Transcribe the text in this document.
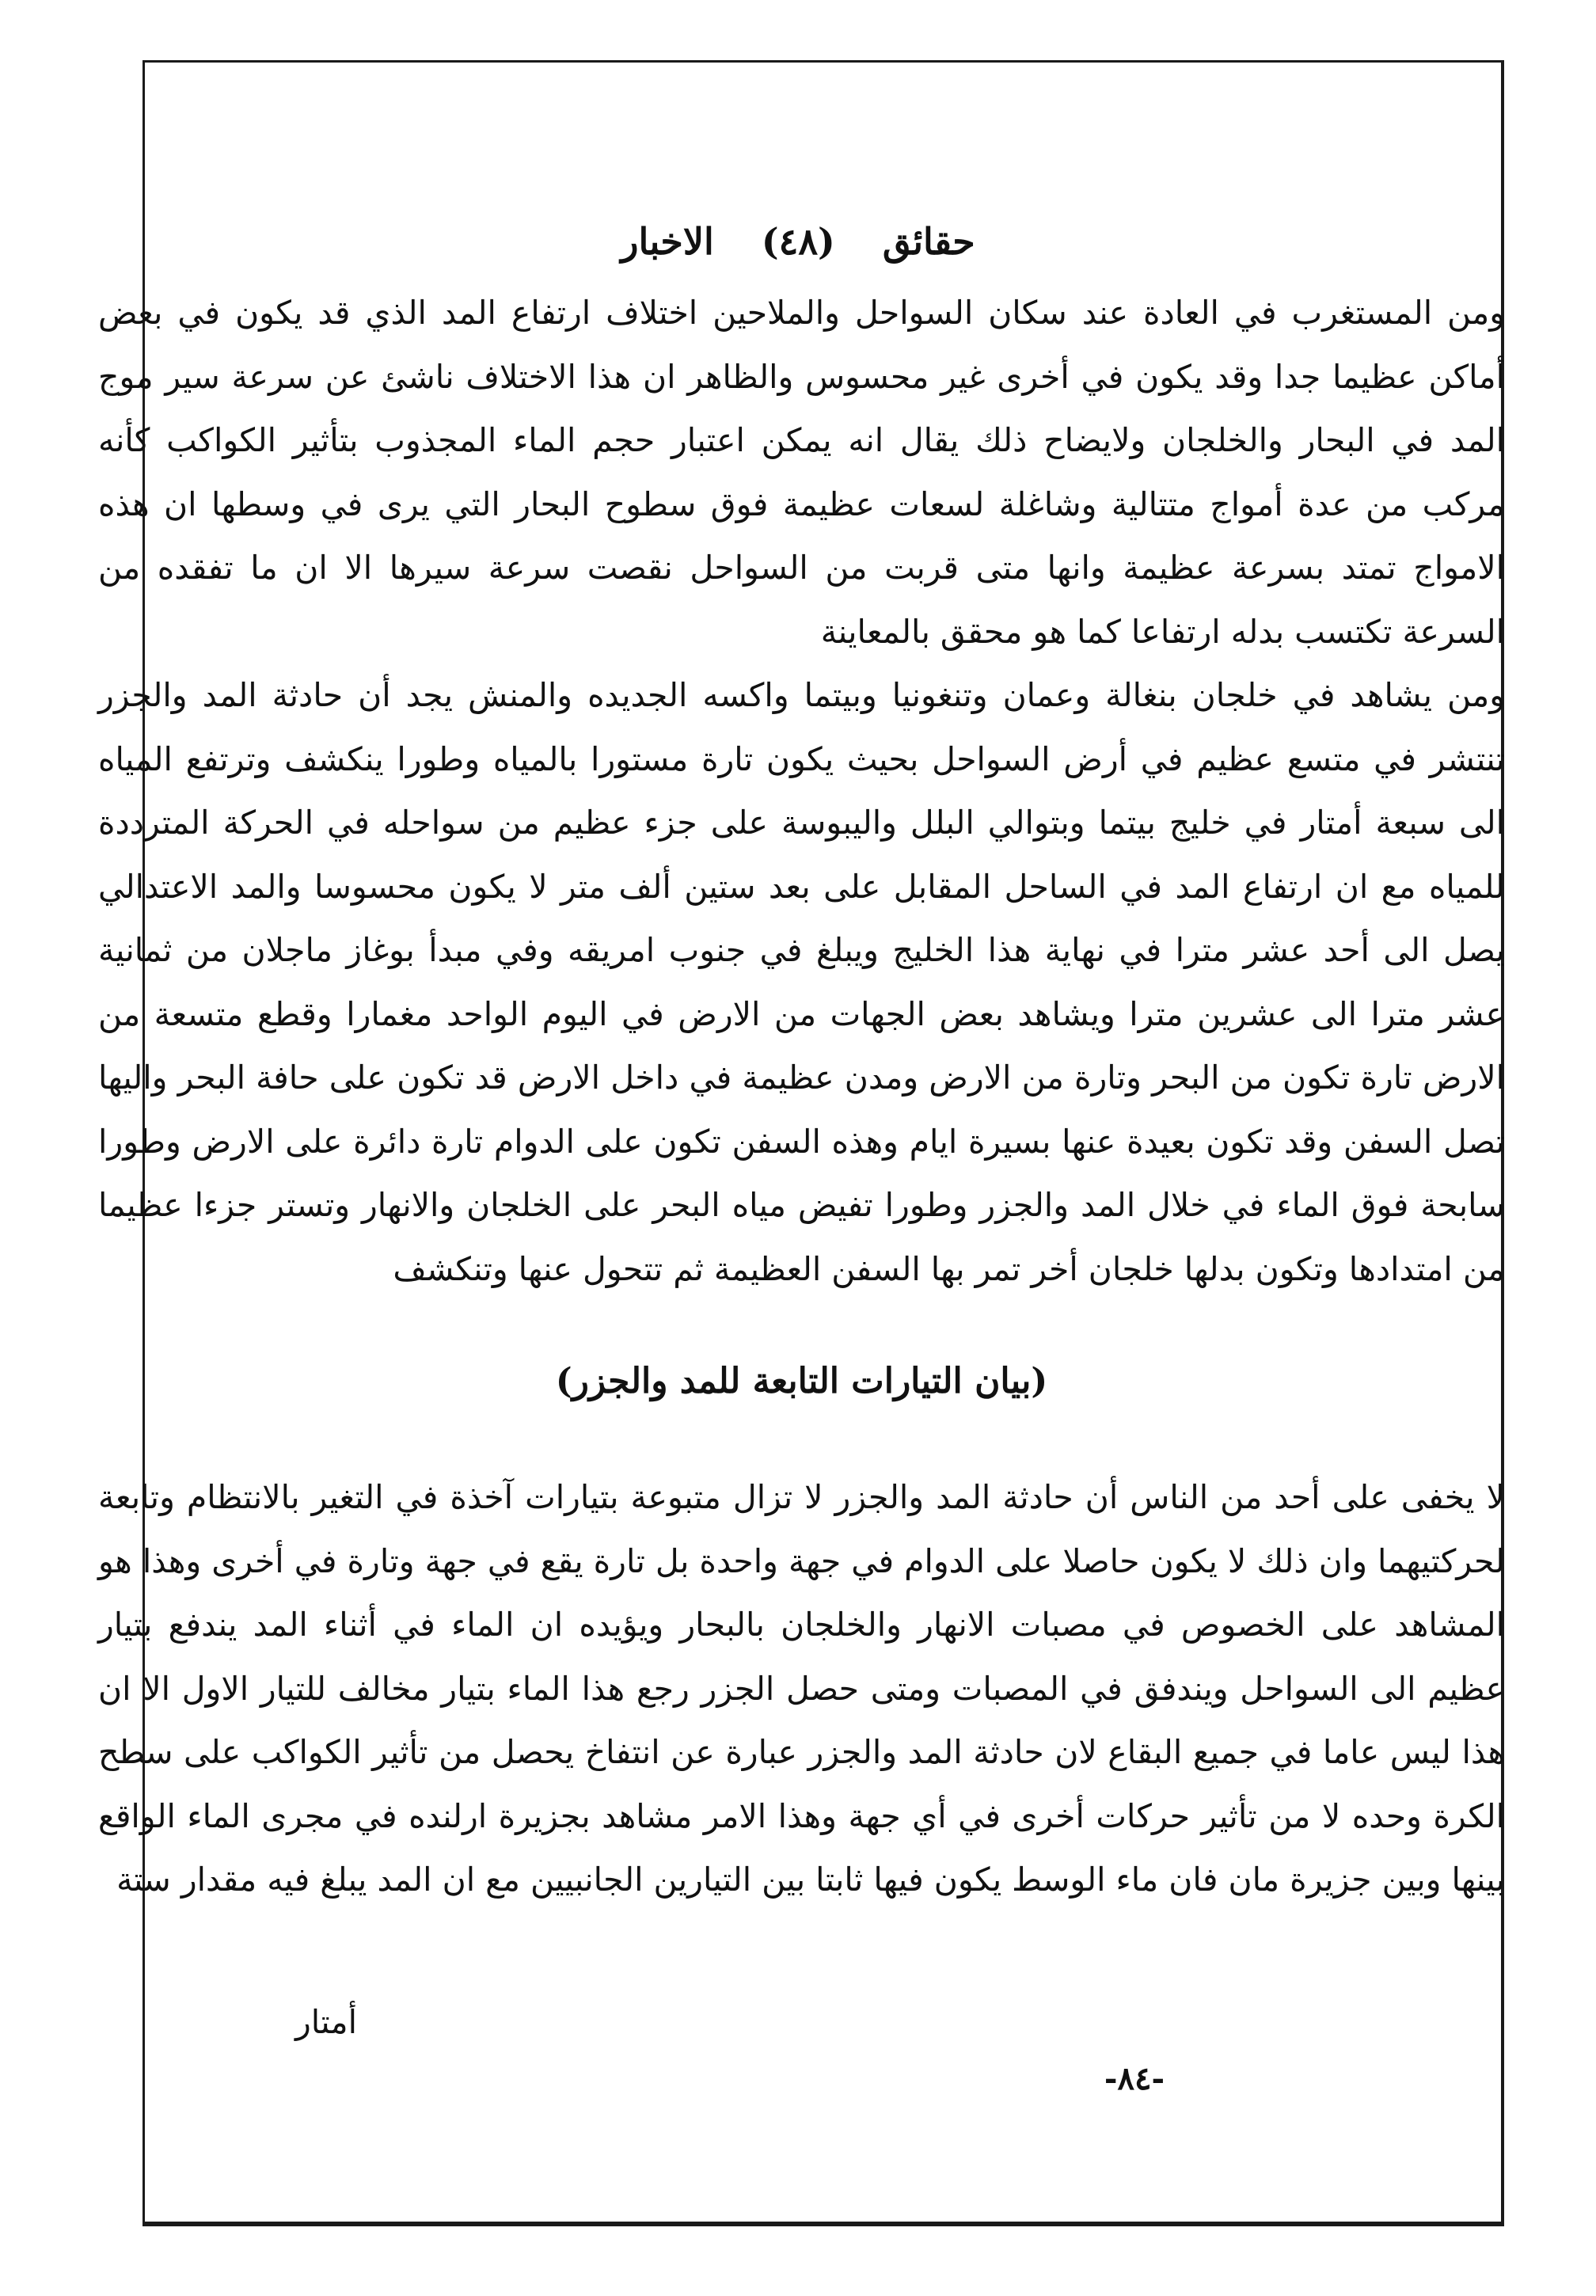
حقائق (٤٨) الاخبار

ومن المستغرب في العادة عند سكان السواحل والملاحين اختلاف ارتفاع المد الذي قد يكون في بعض أماكن عظيما جدا وقد يكون في أخرى غير محسوس والظاهر ان هذا الاختلاف ناشئ عن سرعة سير موج المد في البحار والخلجان ولايضاح ذلك يقال انه يمكن اعتبار حجم الماء المجذوب بتأثير الكواكب كأنه مركب من عدة أمواج متتالية وشاغلة لسعات عظيمة فوق سطوح البحار التي يرى في وسطها ان هذه الامواج تمتد بسرعة عظيمة وانها متى قربت من السواحل نقصت سرعة سيرها الا ان ما تفقده من السرعة تكتسب بدله ارتفاعا كما هو محقق بالمعاينة

ومن يشاهد في خلجان بنغالة وعمان وتنغونيا وبيتما واكسه الجديده والمنش يجد أن حادثة المد والجزر تنتشر في متسع عظيم في أرض السواحل بحيث يكون تارة مستورا بالمياه وطورا ينكشف وترتفع المياه الى سبعة أمتار في خليج بيتما وبتوالي البلل واليبوسة على جزء عظيم من سواحله في الحركة المترددة للمياه مع ان ارتفاع المد في الساحل المقابل على بعد ستين ألف متر لا يكون محسوسا والمد الاعتدالي يصل الى أحد عشر مترا في نهاية هذا الخليج ويبلغ في جنوب امريقه وفي مبدأ بوغاز ماجلان من ثمانية عشر مترا الى عشرين مترا ويشاهد بعض الجهات من الارض في اليوم الواحد مغمارا وقطع متسعة من الارض تارة تكون من البحر وتارة من الارض ومدن عظيمة في داخل الارض قد تكون على حافة البحر واليها تصل السفن وقد تكون بعيدة عنها بسيرة ايام وهذه السفن تكون على الدوام تارة دائرة على الارض وطورا سابحة فوق الماء في خلال المد والجزر وطورا تفيض مياه البحر على الخلجان والانهار وتستر جزءا عظيما من امتدادها وتكون بدلها خلجان أخر تمر بها السفن العظيمة ثم تتحول عنها وتنكشف

(بيان التيارات التابعة للمد والجزر)

لا يخفى على أحد من الناس أن حادثة المد والجزر لا تزال متبوعة بتيارات آخذة في التغير بالانتظام وتابعة لحركتيهما وان ذلك لا يكون حاصلا على الدوام في جهة واحدة بل تارة يقع في جهة وتارة في أخرى وهذا هو المشاهد على الخصوص في مصبات الانهار والخلجان بالبحار ويؤيده ان الماء في أثناء المد يندفع بتيار عظيم الى السواحل ويندفق في المصبات ومتى حصل الجزر رجع هذا الماء بتيار مخالف للتيار الاول الا ان هذا ليس عاما في جميع البقاع لان حادثة المد والجزر عبارة عن انتفاخ يحصل من تأثير الكواكب على سطح الكرة وحده لا من تأثير حركات أخرى في أي جهة وهذا الامر مشاهد بجزيرة ارلنده في مجرى الماء الواقع بينها وبين جزيرة مان فان ماء الوسط يكون فيها ثابتا بين التيارين الجانبيين مع ان المد يبلغ فيه مقدار ستة

أمتار
-٨٤-
